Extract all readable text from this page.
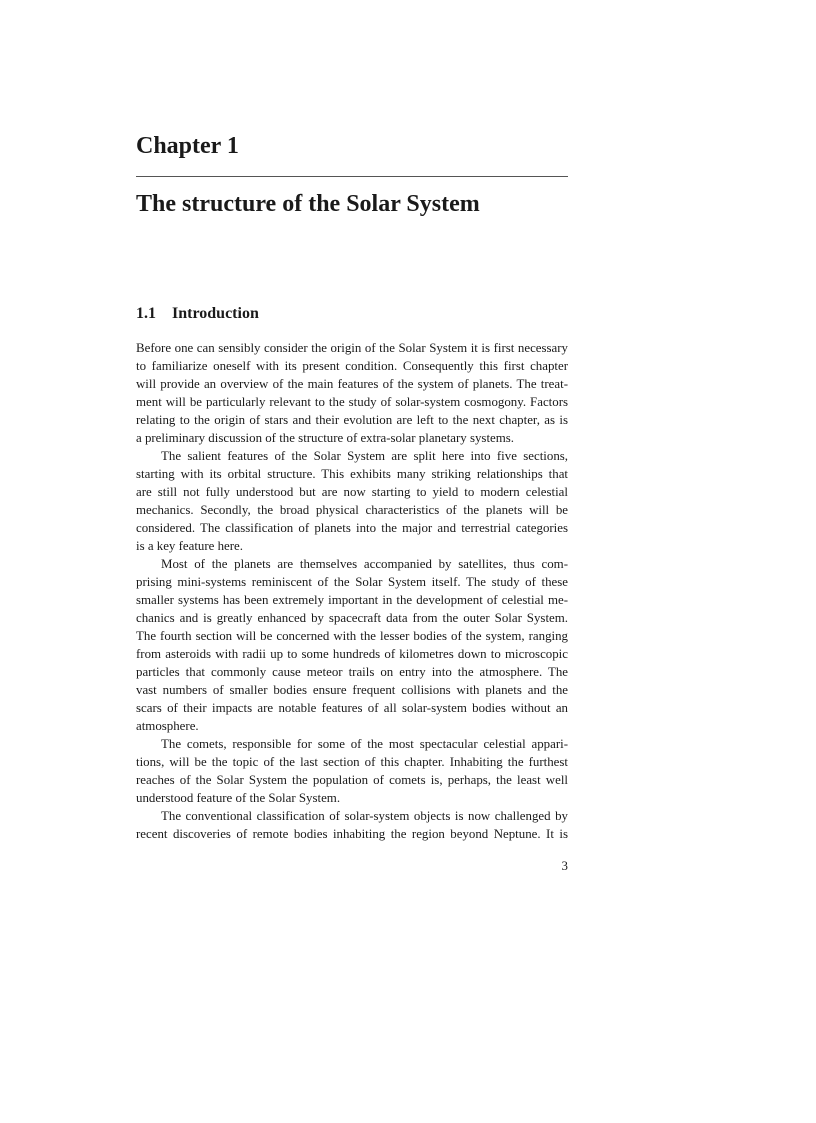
Chapter 1
The structure of the Solar System
1.1 Introduction
Before one can sensibly consider the origin of the Solar System it is first necessary
to familiarize oneself with its present condition. Consequently this first chapter
will provide an overview of the main features of the system of planets. The treat-
ment will be particularly relevant to the study of solar-system cosmogony. Factors
relating to the origin of stars and their evolution are left to the next chapter, as is
a preliminary discussion of the structure of extra-solar planetary systems.
The salient features of the Solar System are split here into five sections,
starting with its orbital structure. This exhibits many striking relationships that
are still not fully understood but are now starting to yield to modern celestial
mechanics. Secondly, the broad physical characteristics of the planets will be
considered. The classification of planets into the major and terrestrial categories
is a key feature here.
Most of the planets are themselves accompanied by satellites, thus com-
prising mini-systems reminiscent of the Solar System itself. The study of these
smaller systems has been extremely important in the development of celestial me-
chanics and is greatly enhanced by spacecraft data from the outer Solar System.
The fourth section will be concerned with the lesser bodies of the system, ranging
from asteroids with radii up to some hundreds of kilometres down to microscopic
particles that commonly cause meteor trails on entry into the atmosphere. The
vast numbers of smaller bodies ensure frequent collisions with planets and the
scars of their impacts are notable features of all solar-system bodies without an
atmosphere.
The comets, responsible for some of the most spectacular celestial appari-
tions, will be the topic of the last section of this chapter. Inhabiting the furthest
reaches of the Solar System the population of comets is, perhaps, the least well
understood feature of the Solar System.
The conventional classification of solar-system objects is now challenged by
recent discoveries of remote bodies inhabiting the region beyond Neptune. It is
3
